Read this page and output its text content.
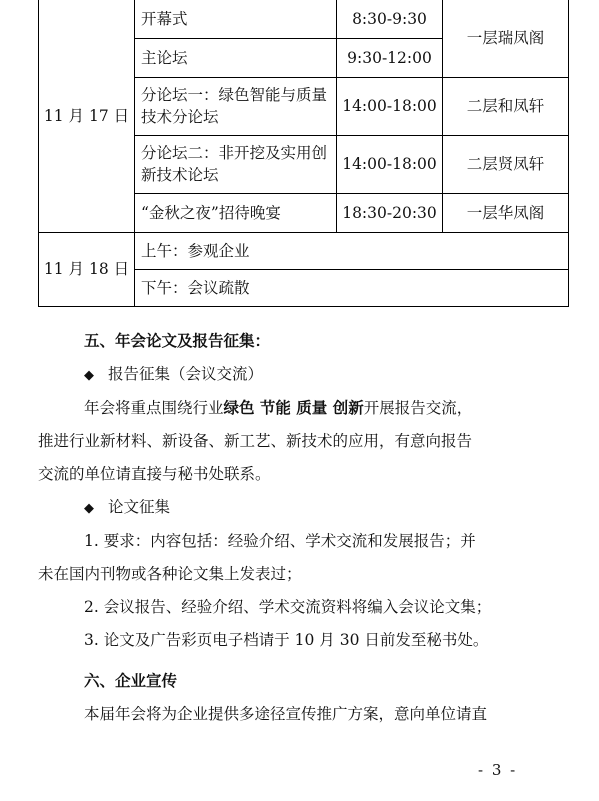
11 月 17 日	开幕式	8:30-9:30	一层瑞凤阁
	主论坛	9:30-12:00	
	分论坛一：绿色智能与质量技术分论坛	14:00-18:00	二层和凤轩
	分论坛二：非开挖及实用创新技术论坛	14:00-18:00	二层贤凤轩
	“金秋之夜”招待晚宴	18:30-20:30	一层华凤阁
11 月 18 日	上午：参观企业		
	下午：会议疏散		

五、年会论文及报告征集：

◆ 报告征集（会议交流）

年会将重点围绕行业绿色 节能 质量 创新开展报告交流，

推进行业新材料、新设备、新工艺、新技术的应用，有意向报告

交流的单位请直接与秘书处联系。

◆ 论文征集

1. 要求：内容包括：经验介绍、学术交流和发展报告；并

未在国内刊物或各种论文集上发表过；

2. 会议报告、经验介绍、学术交流资料将编入会议论文集；

3. 论文及广告彩页电子档请于 10 月 30 日前发至秘书处。

六、企业宣传

本届年会将为企业提供多途径宣传推广方案，意向单位请直

- 3 -
